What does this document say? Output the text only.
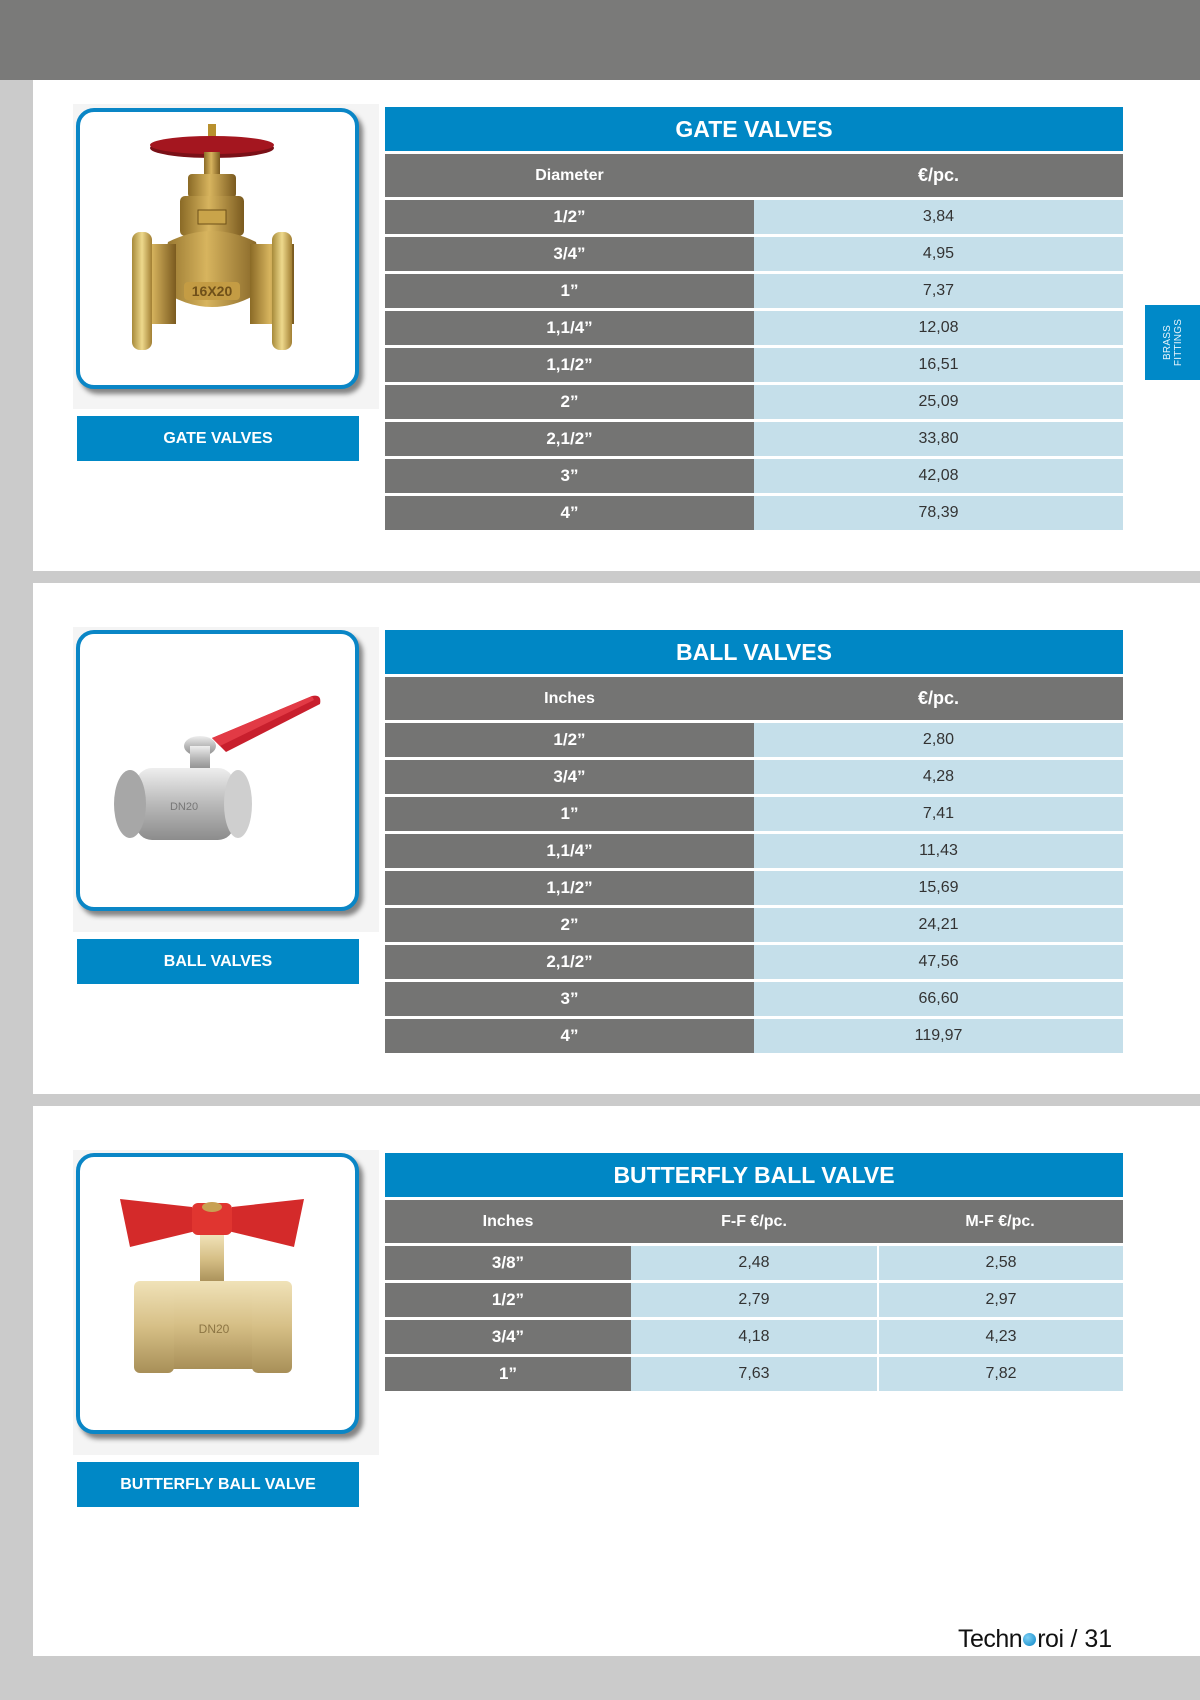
BRASS
FITTINGS
16X20
GATE VALVES
GATE VALVES	
Diameter	€/pc.
1/2”	3,84
3/4”	4,95
1”	7,37
1,1/4”	12,08
1,1/2”	16,51
2”	25,09
2,1/2”	33,80
3”	42,08
4”	78,39
DN20
BALL VALVES
BALL VALVES	
Inches	€/pc.
1/2”	2,80
3/4”	4,28
1”	7,41
1,1/4”	11,43
1,1/2”	15,69
2”	24,21
2,1/2”	47,56
3”	66,60
4”	119,97
DN20
BUTTERFLY BALL VALVE
BUTTERFLY BALL VALVE		
Inches	F-F €/pc.	M-F €/pc.
3/8”	2,48	2,58
1/2”	2,79	2,97
3/4”	4,18	4,23
1”	7,63	7,82
Techn roi / 31
